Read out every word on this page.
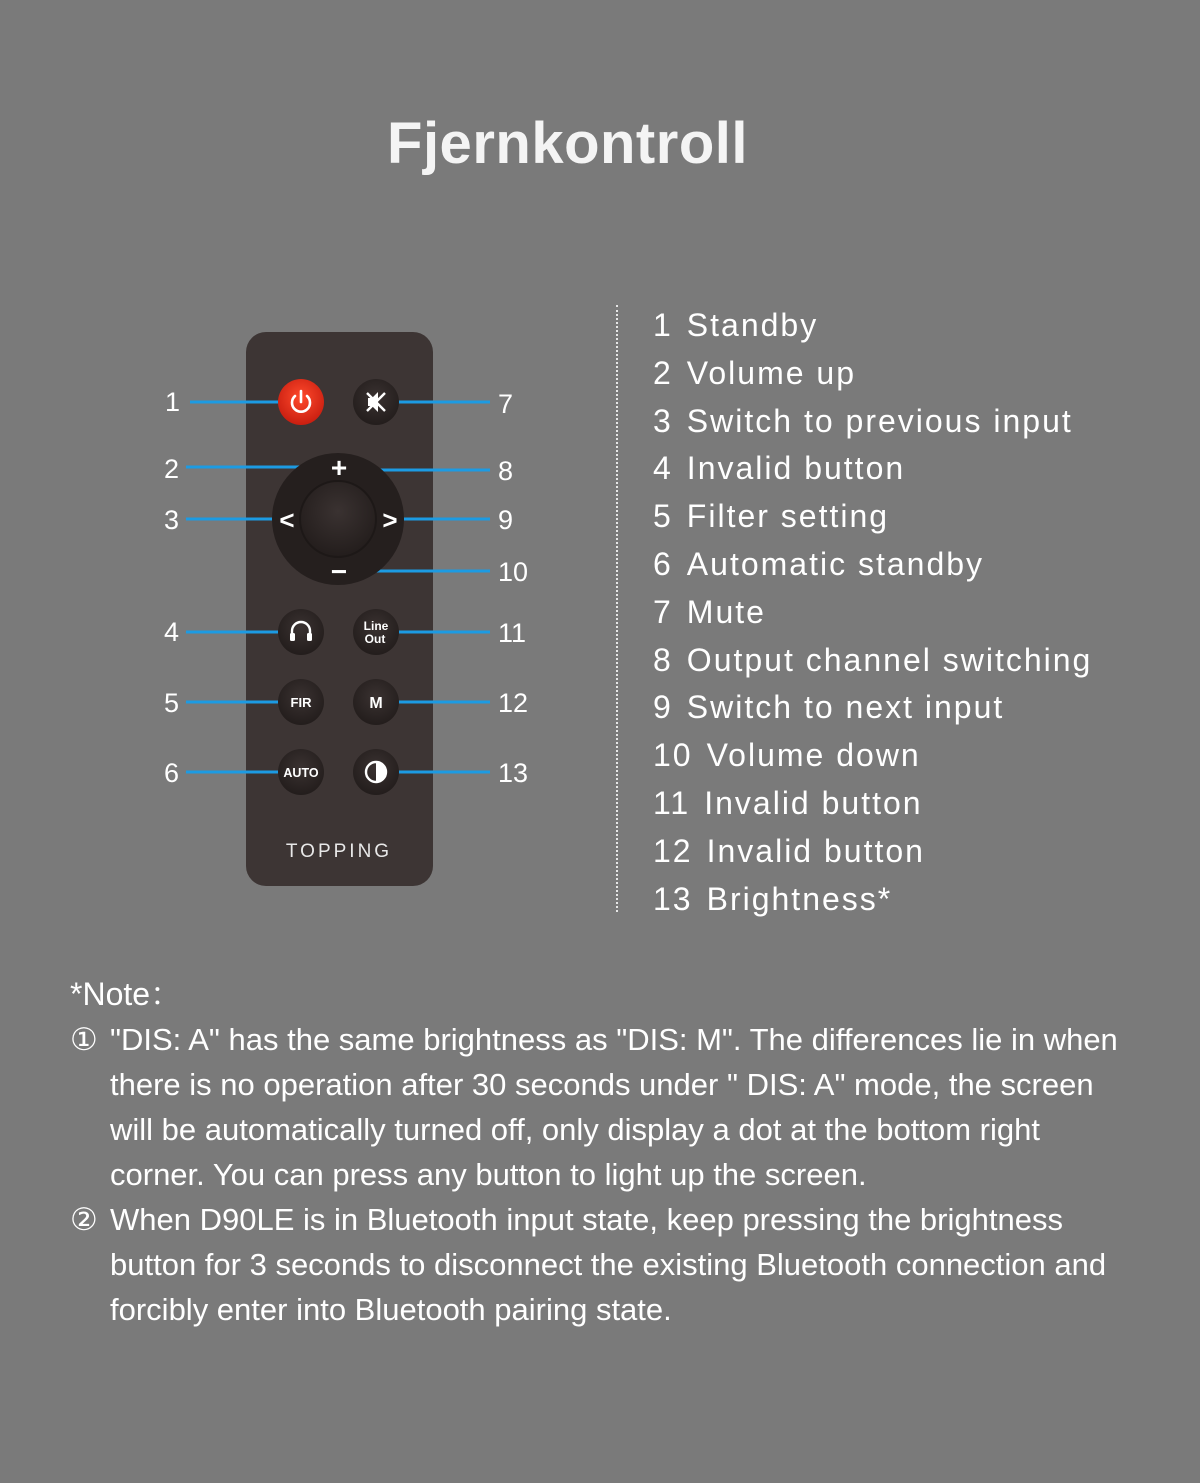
Fjernkontroll
+
−
<	>
Line
Out
FIR	M
AUTO
TOPPING
1
2
3
4
5
6
7
8
9
10
11
12
13
1 Standby
2 Volume up
3 Switch to previous input
4 Invalid button
5 Filter setting
6 Automatic standby
7 Mute
8 Output channel switching
9 Switch to next input
10 Volume down
11 Invalid button
12 Invalid button
13 Brightness*
*Note：
① "DIS: A" has the same brightness as "DIS: M". The differences lie in when there is no operation after 30 seconds under " DIS: A" mode, the screen will be automatically turned off, only display a dot at the bottom right corner. You can press any button to light up the screen.
② When D90LE is in Bluetooth input state, keep pressing the brightness button for 3 seconds to disconnect the existing Bluetooth connection and forcibly enter into Bluetooth pairing state.
